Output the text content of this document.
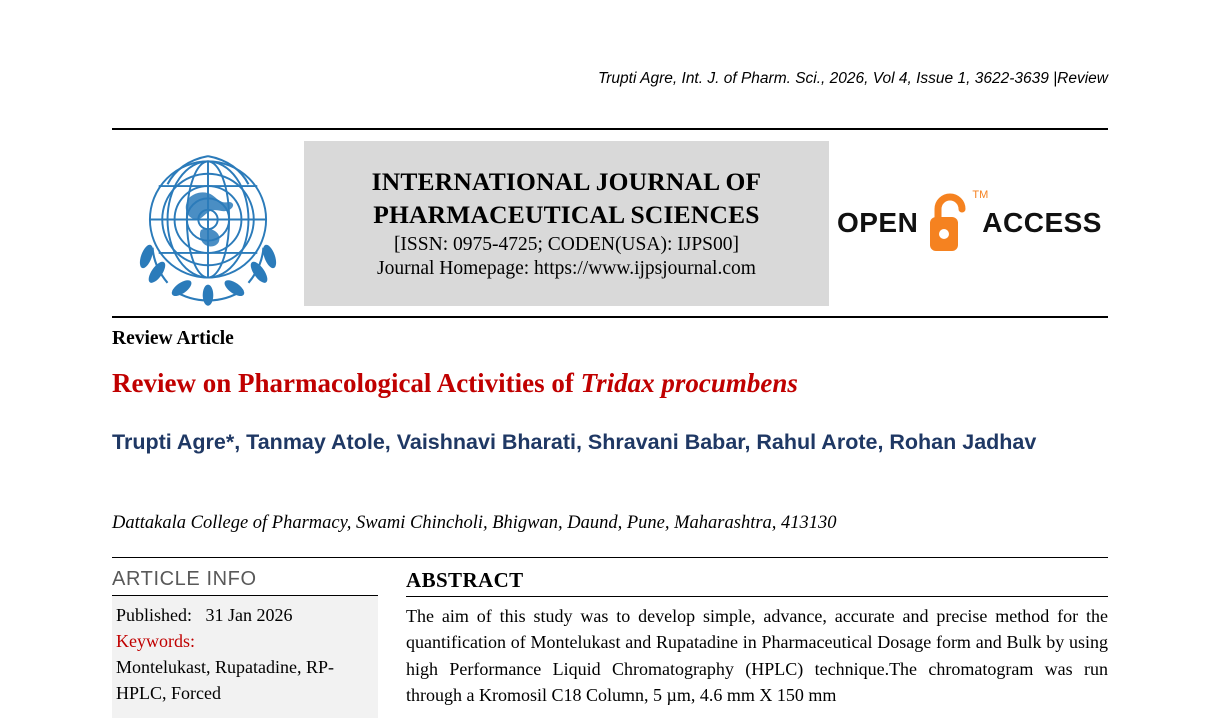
Trupti Agre, Int. J. of Pharm. Sci., 2026, Vol 4, Issue 1, 3622-3639 |Review
INTERNATIONAL JOURNAL OF
PHARMACEUTICAL SCIENCES
[ISSN: 0975-4725; CODEN(USA): IJPS00]
Journal Homepage: https://www.ijpsjournal.com
OPEN
TM
ACCESS
Review Article
Review on Pharmacological Activities of Tridax procumbens
Trupti Agre*, Tanmay Atole, Vaishnavi Bharati, Shravani Babar, Rahul Arote, Rohan Jadhav
Dattakala College of Pharmacy, Swami Chincholi, Bhigwan, Daund, Pune, Maharashtra, 413130
ARTICLE INFO
Published: 31 Jan 2026
Keywords:
Montelukast, Rupatadine, RP-HPLC, Forced
ABSTRACT
The aim of this study was to develop simple, advance, accurate and precise method for the quantification of Montelukast and Rupatadine in Pharmaceutical Dosage form and Bulk by using high Performance Liquid Chromatography (HPLC) technique.The chromatogram was run through a Kromosil C18 Column, 5 µm, 4.6 mm X 150 mm
